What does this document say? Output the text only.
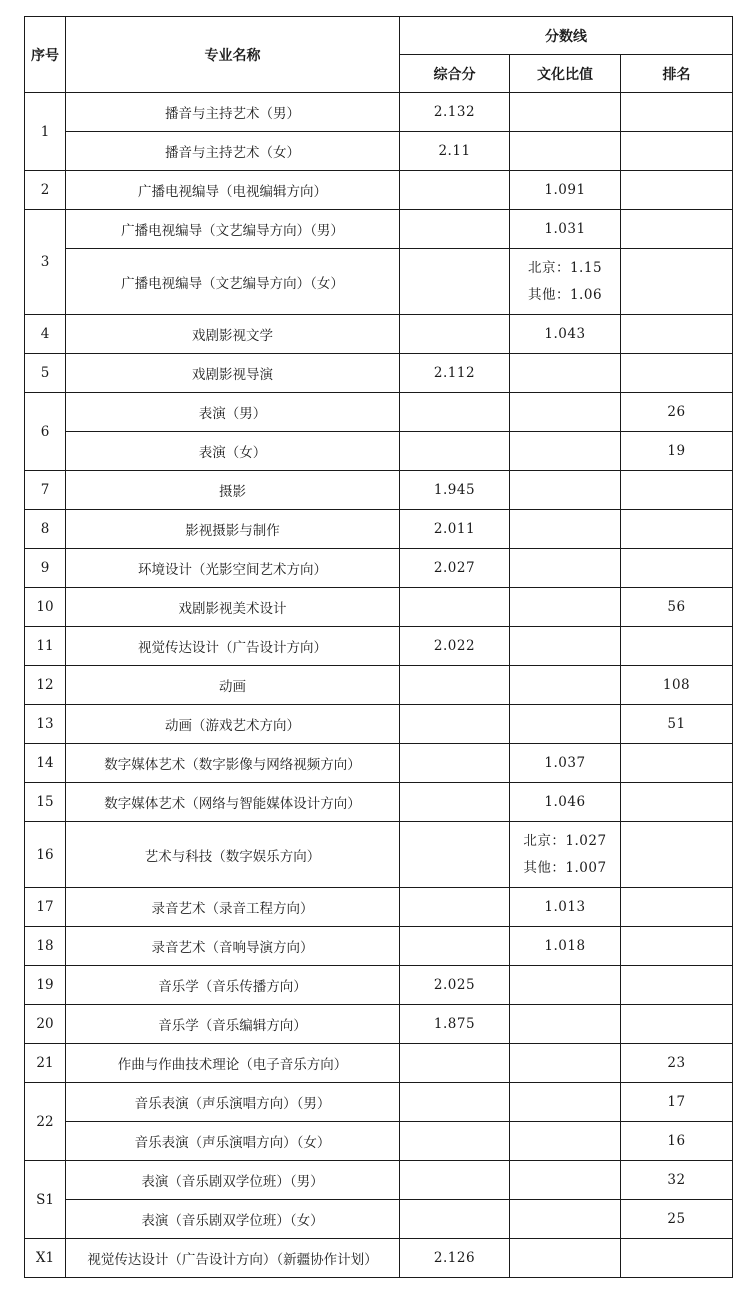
序号	专业名称	分数线		
		综合分	文化比值	排名
1	播音与主持艺术（男）	2.132		
	播音与主持艺术（女）	2.11		
2	广播电视编导（电视编辑方向）		1.091	
3	广播电视编导（文艺编导方向）（男）		1.031	
	广播电视编导（文艺编导方向）（女）		北京：1.15
其他：1.06	

4	戏剧影视文学		1.043	
5	戏剧影视导演	2.112		
6	表演（男）			26
	表演（女）			19
7	摄影	1.945		
8	影视摄影与制作	2.011		
9	环境设计（光影空间艺术方向）	2.027		
10	戏剧影视美术设计			56
11	视觉传达设计（广告设计方向）	2.022		
12	动画			108
13	动画（游戏艺术方向）			51
14	数字媒体艺术（数字影像与网络视频方向）		1.037	
15	数字媒体艺术（网络与智能媒体设计方向）		1.046	
16	艺术与科技（数字娱乐方向）		北京：1.027
其他：1.007	

17	录音艺术（录音工程方向）		1.013	
18	录音艺术（音响导演方向）		1.018	
19	音乐学（音乐传播方向）	2.025		
20	音乐学（音乐编辑方向）	1.875		
21	作曲与作曲技术理论（电子音乐方向）			23
22	音乐表演（声乐演唱方向）（男）			17
	音乐表演（声乐演唱方向）（女）			16
S1	表演（音乐剧双学位班）（男）			32
	表演（音乐剧双学位班）（女）			25
X1	视觉传达设计（广告设计方向）（新疆协作计划）	2.126		
